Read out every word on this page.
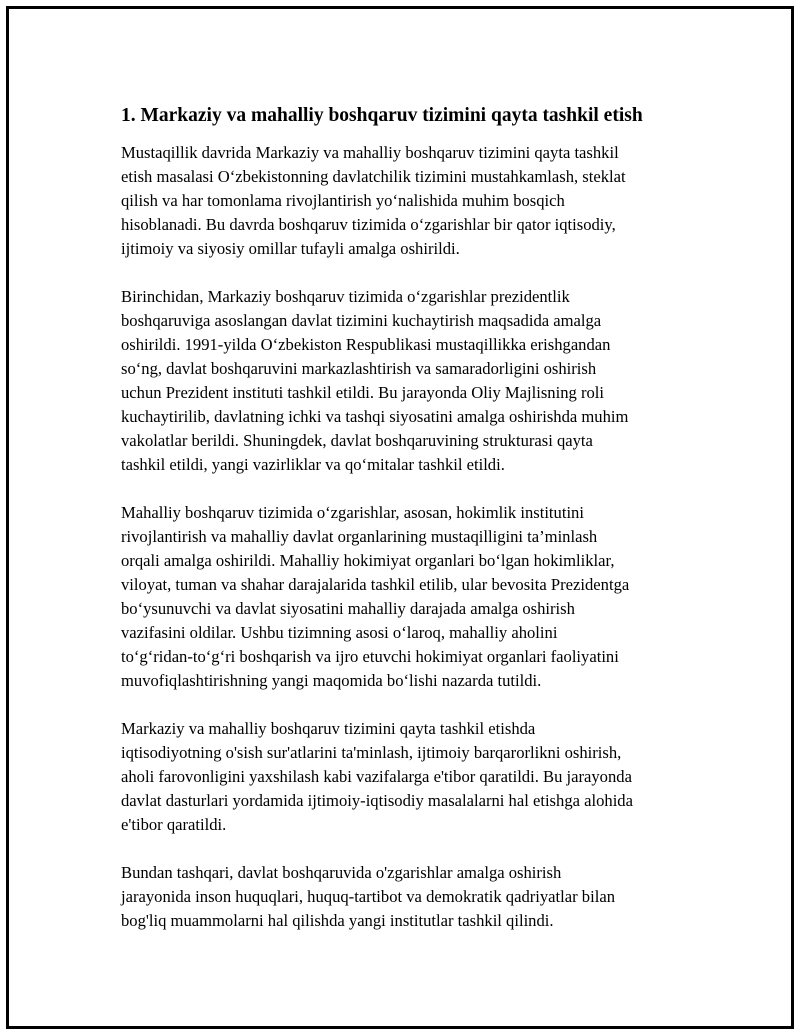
1. Markaziy va mahalliy boshqaruv tizimini qayta tashkil etish

Mustaqillik davrida Markaziy va mahalliy boshqaruv tizimini qayta tashkil
etish masalasi O‘zbekistonning davlatchilik tizimini mustahkamlash, steklat
qilish va har tomonlama rivojlantirish yo‘nalishida muhim bosqich
hisoblanadi. Bu davrda boshqaruv tizimida o‘zgarishlar bir qator iqtisodiy,
ijtimoiy va siyosiy omillar tufayli amalga oshirildi.

Birinchidan, Markaziy boshqaruv tizimida o‘zgarishlar prezidentlik
boshqaruviga asoslangan davlat tizimini kuchaytirish maqsadida amalga
oshirildi. 1991-yilda O‘zbekiston Respublikasi mustaqillikka erishgandan
so‘ng, davlat boshqaruvini markazlashtirish va samaradorligini oshirish
uchun Prezident instituti tashkil etildi. Bu jarayonda Oliy Majlisning roli
kuchaytirilib, davlatning ichki va tashqi siyosatini amalga oshirishda muhim
vakolatlar berildi. Shuningdek, davlat boshqaruvining strukturasi qayta
tashkil etildi, yangi vazirliklar va qo‘mitalar tashkil etildi.

Mahalliy boshqaruv tizimida o‘zgarishlar, asosan, hokimlik institutini
rivojlantirish va mahalliy davlat organlarining mustaqilligini ta’minlash
orqali amalga oshirildi. Mahalliy hokimiyat organlari bo‘lgan hokimliklar,
viloyat, tuman va shahar darajalarida tashkil etilib, ular bevosita Prezidentga
bo‘ysunuvchi va davlat siyosatini mahalliy darajada amalga oshirish
vazifasini oldilar. Ushbu tizimning asosi o‘laroq, mahalliy aholini
to‘g‘ridan-to‘g‘ri boshqarish va ijro etuvchi hokimiyat organlari faoliyatini
muvofiqlashtirishning yangi maqomida bo‘lishi nazarda tutildi.

Markaziy va mahalliy boshqaruv tizimini qayta tashkil etishda
iqtisodiyotning o'sish sur'atlarini ta'minlash, ijtimoiy barqarorlikni oshirish,
aholi farovonligini yaxshilash kabi vazifalarga e'tibor qaratildi. Bu jarayonda
davlat dasturlari yordamida ijtimoiy-iqtisodiy masalalarni hal etishga alohida
e'tibor qaratildi.

Bundan tashqari, davlat boshqaruvida o'zgarishlar amalga oshirish
jarayonida inson huquqlari, huquq-tartibot va demokratik qadriyatlar bilan
bog'liq muammolarni hal qilishda yangi institutlar tashkil qilindi.
